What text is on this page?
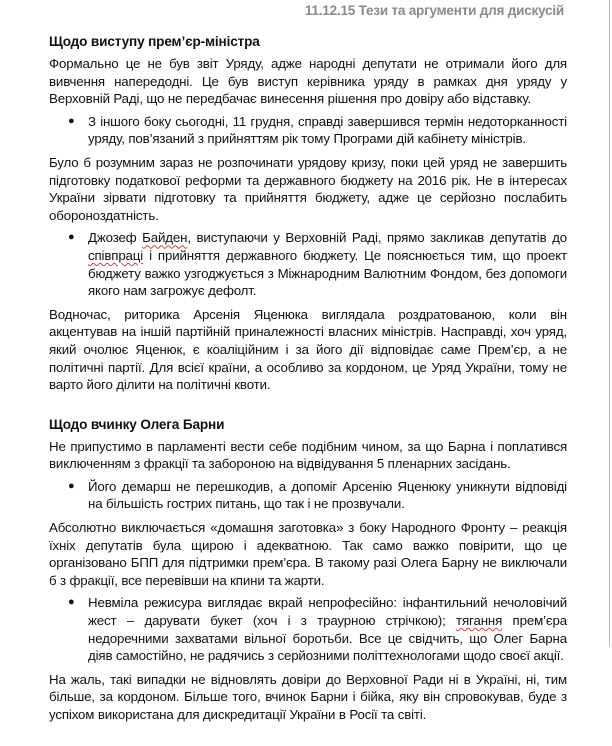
11.12.15 Тези та аргументи для дискусій
Щодо виступу прем’єр-міністра

Формально це не був звіт Уряду, адже народні депутати не отримали його для вивчення напередодні. Це був виступ керівника уряду в рамках дня уряду у Верховній Раді, що не передбачає винесення рішення про довіру або відставку.

● З іншого боку сьогодні, 11 грудня, справді завершився термін недоторканності уряду, пов’язаний з прийняттям рік тому Програми дій кабінету міністрів.

Було б розумним зараз не розпочинати урядову кризу, поки цей уряд не завершить підготовку податкової реформи та державного бюджету на 2016 рік. Не в інтересах України зірвати підготовку та прийняття бюджету, адже це серйозно послабить обороноздатність.

● Джозеф Байден, виступаючи у Верховній Раді, прямо закликав депутатів до співпраці і прийняття державного бюджету. Це пояснюється тим, що проект бюджету важко узгоджується з Міжнародним Валютним Фондом, без допомоги якого нам загрожує дефолт.

Водночас, риторика Арсенія Яценюка виглядала роздратованою, коли він акцентував на іншій партійній приналежності власних міністрів. Насправді, хоч уряд, який очолює Яценюк, є коаліційним і за його дії відповідає саме Прем’єр, а не політичні партії. Для всієї країни, а особливо за кордоном, це Уряд України, тому не варто його ділити на політичні квоти.

Щодо вчинку Олега Барни

Не припустимо в парламенті вести себе подібним чином, за що Барна і поплатився виключенням з фракції та забороною на відвідування 5 пленарних засідань.

● Його демарш не перешкодив, а допоміг Арсенію Яценюку уникнути відповіді на більшість гострих питань, що так і не прозвучали.

Абсолютно виключається «домашня заготовка» з боку Народного Фронту – реакція їхніх депутатів була щирою і адекватною. Так само важко повірити, що це організовано БПП для підтримки прем’єра. В такому разі Олега Барну не виключали б з фракції, все перевівши на кпини та жарти.

● Невміла режисура виглядає вкрай непрофесійно: інфантильний нечоловічий жест – дарувати букет (хоч і з траурною стрічкою); тягання прем’єра недоречними захватами вільної боротьби. Все це свідчить, що Олег Барна діяв самостійно, не радячись з серйозними політтехнологами щодо своєї акції.

На жаль, такі випадки не відновлять довіри до Верховної Ради ні в Україні, ні, тим більше, за кордоном. Більше того, вчинок Барни і бійка, яку він спровокував, буде з успіхом використана для дискредитації України в Росії та світі.
